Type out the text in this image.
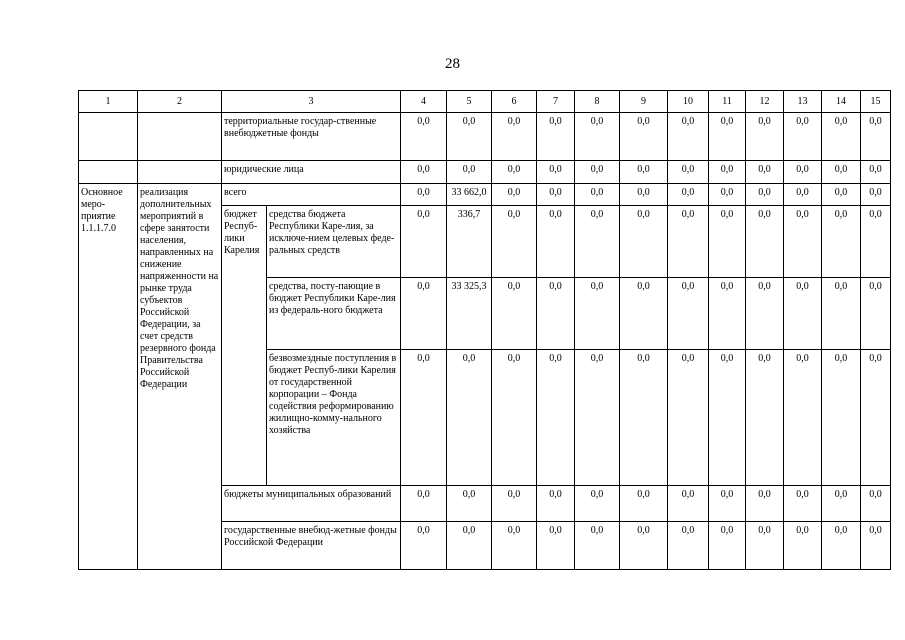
28
1	2	3		4	5	6	7	8	9	10	11	12	13	14	15
		территориальные государ-ственные внебюджетные фонды		0,0	0,0	0,0	0,0	0,0	0,0	0,0	0,0	0,0	0,0	0,0	0,0
		юридические лица		0,0	0,0	0,0	0,0	0,0	0,0	0,0	0,0	0,0	0,0	0,0	0,0
Основное меро-приятие 1.1.1.7.0	реализация дополнительных мероприятий в сфере занятости населения, направленных на снижение напряженности на рынке труда субъектов Российской Федерации, за счет средств резервного фонда Правительства Российской Федерации	всего		0,0	33 662,0	0,0	0,0	0,0	0,0	0,0	0,0	0,0	0,0	0,0	0,0
		бюджет Респуб-лики Карелия	средства бюджета Республики Каре-лия, за исключе-нием целевых феде-ральных средств	0,0	336,7	0,0	0,0	0,0	0,0	0,0	0,0	0,0	0,0	0,0	0,0
			средства, посту-пающие в бюджет Республики Каре-лия из федераль-ного бюджета	0,0	33 325,3	0,0	0,0	0,0	0,0	0,0	0,0	0,0	0,0	0,0	0,0
			безвозмездные поступления в бюджет Респуб-лики Карелия от государственной корпорации – Фонда содействия реформированию жилищно-комму-нального хозяйства	0,0	0,0	0,0	0,0	0,0	0,0	0,0	0,0	0,0	0,0	0,0	0,0
		бюджеты муниципальных образований		0,0	0,0	0,0	0,0	0,0	0,0	0,0	0,0	0,0	0,0	0,0	0,0
		государственные внебюд-жетные фонды Российской Федерации		0,0	0,0	0,0	0,0	0,0	0,0	0,0	0,0	0,0	0,0	0,0	0,0
